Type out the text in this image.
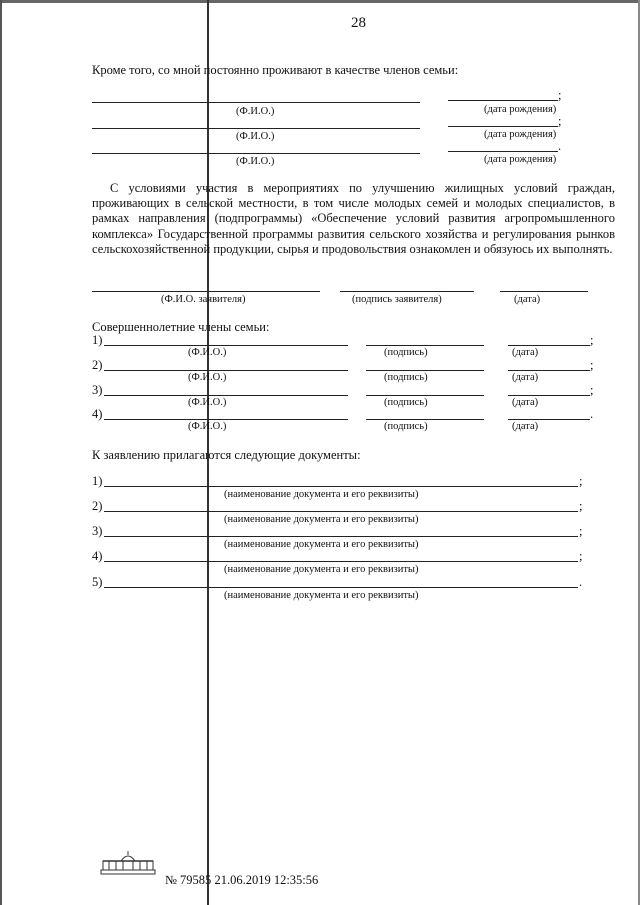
28
Кроме того, со мной постоянно проживают в качестве членов семьи:
;
(Ф.И.О.)	(дата рождения)
;
(Ф.И.О.)	(дата рождения)
.
(Ф.И.О.)	(дата рождения)
С условиями участия в мероприятиях по улучшению жилищных условий граждан, проживающих в сельской местности, в том числе молодых семей и молодых специалистов, в рамках направления (подпрограммы) «Обеспечение условий развития агропромышленного комплекса» Государственной программы развития сельского хозяйства и регулирования рынков сельскохозяйственной продукции, сырья и продовольствия ознакомлен и обязуюсь их выполнять.
(Ф.И.О. заявителя)	(подпись заявителя)	(дата)
Совершеннолетние члены семьи:
1)	;
(Ф.И.О.)	(подпись)	(дата)
2)	;
(Ф.И.О.)	(подпись)	(дата)
3)	;
(Ф.И.О.)	(подпись)	(дата)
4)	.
(Ф.И.О.)	(подпись)	(дата)
К заявлению прилагаются следующие документы:
1)	;
(наименование документа и его реквизиты)
2)	;
(наименование документа и его реквизиты)
3)	;
(наименование документа и его реквизиты)
4)	;
(наименование документа и его реквизиты)
5)	.
(наименование документа и его реквизиты)
№ 79585 21.06.2019 12:35:56
